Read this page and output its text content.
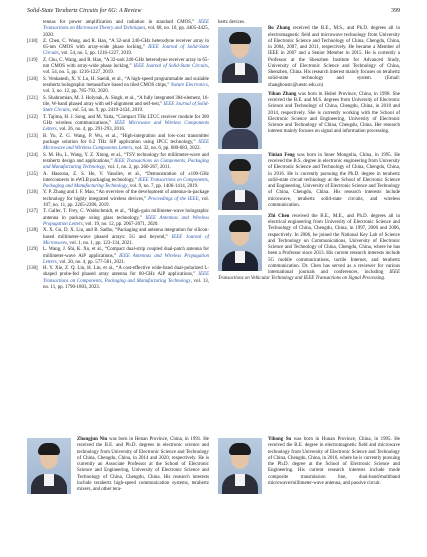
Solid-State Terahertz Circuits for 6G: A Review	399
tennas for power amplification and radiation in standard CMOS,” IEEE Transactions on Microwave Theory and Techniques, vol. 68, no. 10, pp. 4405-4425, 2020.
[118] Z. Chen, C. Wang, and R. Han, “A 32-unit 240-GHz heterodyne receiver array in 65-nm CMOS with array-wide phase locking,” IEEE Journal of Solid-State Circuits, vol. 54, no. 5, pp. 1216-1227, 2019.
[119] Z. Chu, C. Wang, and R. Han, “A 32-unit 240-GHz heterodyne receiver array in 65-nm CMOS with array-wide phase locking,” IEEE Journal of Solid-State Circuits, vol. 54, no. 5, pp. 1216-1227, 2019.
[120] S. Venkatesh, X. Y. Lu, H. Saeidi, et al., “A high-speed programmable and scalable terahertz holographic metasurface based on tiled CMOS chips,” Nature Electronics, vol. 3, no. 12, pp. 785-793, 2020.
[121] S. Shahramian, M. J. Holyoak, A. Singh, et al., “A fully integrated 384-element, 16-tile, W-band phased array with self-alignment and self-test,” IEEE Journal of Solid-State Circuits, vol. 54, no. 9, pp. 2419-2434, 2019.
[122] T. Tajima, H. J. Song, and M. Yaita, “Compact THz LTCC receiver module for 300 GHz wireless communications,” IEEE Microwave and Wireless Components Letters, vol. 26, no. 4, pp. 291-293, 2016.
[123] B. Yu, Z. G. Wang, P. Wu, et al., “High-integration and low-cost transmitter package solution for 0.2 THz SiP application using IPCC technology,” IEEE Microwave and Wireless Components Letters, vol. 32, no. 6, pp. 680-683, 2022.
[124] S. M. Hu, L. Wang, Y. Z. Xiong, et al., “TSV technology for millimeter-wave and terahertz design and applications,” IEEE Transactions on Components, Packaging and Manufacturing Technology, vol. 1, no. 2, pp. 260-267, 2011.
[125] A. Hassona, Z. S. He, V. Vassilev, et al., “Demonstration of ±100-GHz interconnects in eWLB packaging technology,” IEEE Transactions on Components, Packaging and Manufacturing Technology, vol. 9, no. 7, pp. 1406-1414, 2019.
[126] Y. P. Zhang and J. F. Mao, “An overview of the development of antenna-in-package technology for highly integrated wireless devices,” Proceedings of the IEEE, vol. 107, no. 11, pp. 2265-2280, 2019.
[127] T. Galler, T. Frey, C. Waldschmidt, et al., “High-gain millimeter-wave holographic antenna in package using glass technology,” IEEE Antennas and Wireless Propagation Letters, vol. 19, no. 12, pp. 2067-2071, 2020.
[128] X. X. Gu, D. X. Liu, and B. Sadhu, “Packaging and antenna integration for silicon-based millimeter-wave phased arrays: 5G and beyond,” IEEE Journal of Microwaves, vol. 1, no. 1, pp. 123-134, 2021.
[129] L. Wang, J. Shi, K. Xu, et al., “Compact dual-strip coupled dual-patch antenna for millimeter-wave AiP applications,” IEEE Antennas and Wireless Propagation Letters, vol. 20, no. 4, pp. 577-581, 2021.
[130] H. Y. Xie, Z. Q. Lin, H. Lin, et al., “A cost-effective wide-band dual-polarized L-shaped probe-fed phased array antenna for 60-GHz AiP applications,” IEEE Transactions on Components, Packaging and Manufacturing Technology, vol. 13, no. 11, pp. 1790-1803, 2023.
hertz devices.
Bo Zhang received the B.E., M.S., and Ph.D. degrees all in electromagnetic field and microwave technology from University of Electronic Science and Technology of China, Chengdu, China, in 2004, 2007, and 2011, respectively. He became a Member of IEEE in 2007 and a Senior Member in 2015. He is currently a Professor at the Shenzhen Institute for Advanced Study, University of Electronic Science and Technology of China, Shenzhen, China. His research interest mainly focuses on terahertz solid-state technology and system.	(Email: zhangboustc@uestc.edu.cn)
Yihan Zhang was born in Hubei Province, China, in 1998. She received the B.E. and M.S. degrees from University of Electronic Science and Technology of China, Chengdu, China, in 2010 and 2014, respectively. She is currently working with the School of Electronic Science and Engineering, University of Electronic Science and Technology of China, Chengdu, China. Her research interest mainly focuses on signal and information processing.
Yinian Feng was born in Inner Mongolia, China, in 1995. He received the B.S. degree in electronic engineering from University of Electronic Science and Technology of China, Chengdu, China, in 2016. He is currently pursuing the Ph.D. degree in terahertz solid-state circuit technology at the School of Electronic Science and Engineering, University of Electronic Science and Technology of China, Chengdu, China. His research interests include microwave, terahertz solid-state circuits, and wireless communication.
Zhi Chen received the B.E., M.E., and Ph.D. degrees all in electrical engineering from University of Electronic Science and Technology of China, Chengdu, China, in 1997, 2000 and 2006, respectively. In 2006, he joined the National Key Lab of Science and Technology on Communications, University of Electronic Science and Technology of China, Chengdu, China, where he has been a Professor since 2013. His current research interests include 5G mobile communications, tactile Internet, and terahertz communication. Dr. Chen has served as a reviewer for various international journals and conferences, including IEEE Transactions on Vehicular Technology and IEEE Transactions on Signal Processing.
Zhongjun Niu was born in Henan Province, China, in 1991. He received the B.E. and Ph.D. degrees in electronic science and technology from University of Electronic Science and Technology of China, Chengdu, China, in 2014 and 2020, respectively. He is currently an Associate Professor at the School of Electronic Science and Engineering, University of Electronic Science and Technology of China, Chengdu, China. His research interests include terahertz high-speed communication systems, terahertz mixers, and other tera-
Yihong Su was born in Hunan Province, China, in 1995. He received the B.E. degree in electromagnetic field and microwave technology from University of Electronic Science and Technology of China, Chengdu, China, in 2016, where he is currently pursuing the Ph.D. degree at the School of Electronic Science and Engineering. His current research interests include mode composite transmission line, dual-band/multiband microwave/millimeter-wave antenna, and passive circuit.
